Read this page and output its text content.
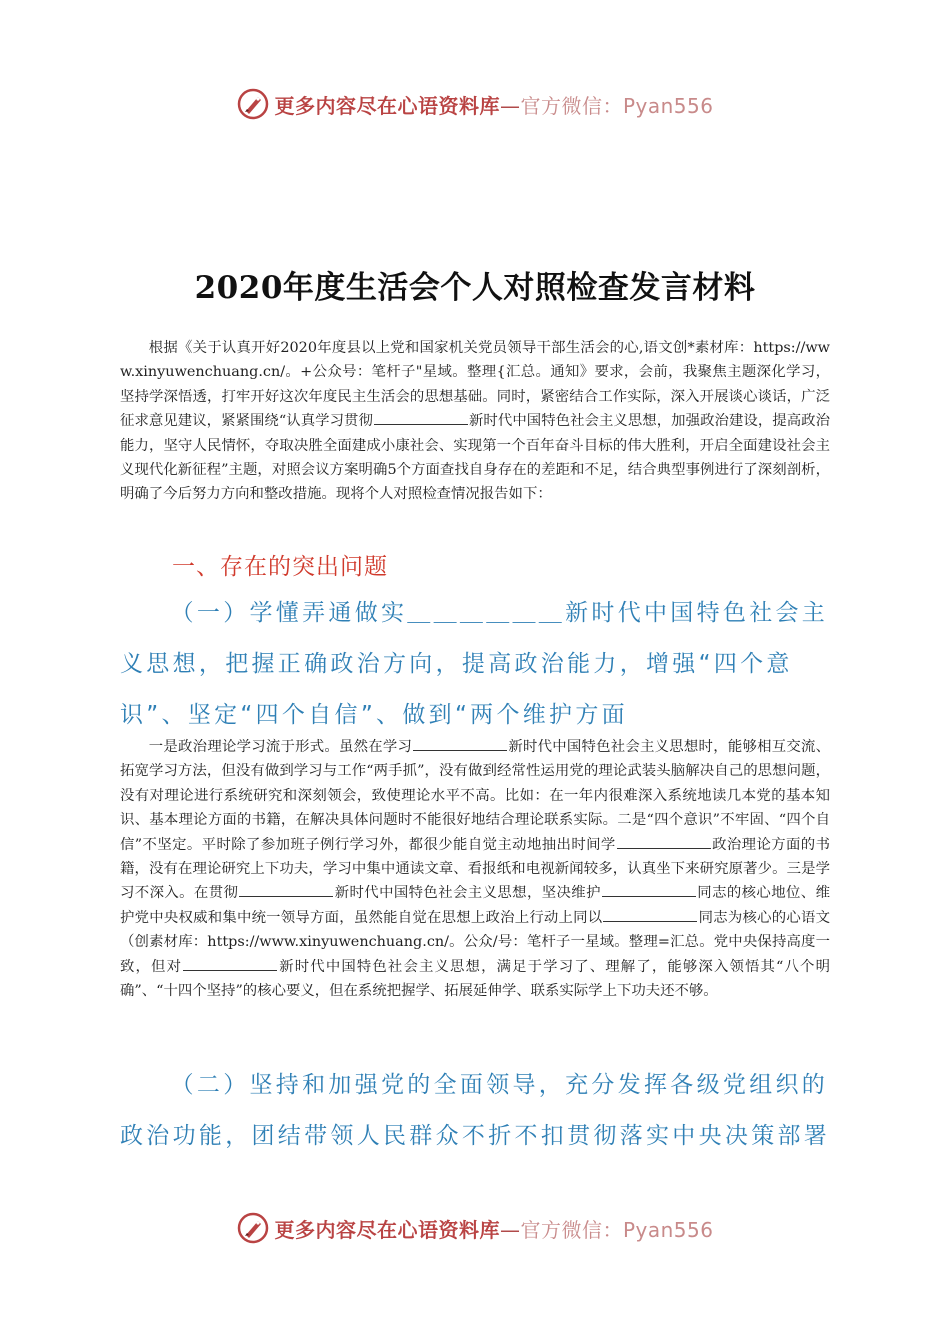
更多内容尽在心语资料库—官方微信：Pyan556
2020年度生活会个人对照检查发言材料
根据《关于认真开好2020年度县以上党和国家机关党员领导干部生活会的心,语文创*素材库：https://www.xinyuwenchuang.cn/。+公众号：笔杆子"星域。整理{汇总。通知》要求，会前，我聚焦主题深化学习，坚持学深悟透，打牢开好这次年度民主生活会的思想基础。同时，紧密结合工作实际，深入开展谈心谈话，广泛征求意见建议，紧紧围绕“认真学习贯彻	新时代中国特色社会主义思想，加强政治建设，提高政治能力，坚守人民情怀，夺取决胜全面建成小康社会、实现第一个百年奋斗目标的伟大胜利，开启全面建设社会主义现代化新征程”主题，对照会议方案明确5个方面查找自身存在的差距和不足，结合典型事例进行了深刻剖析，明确了今后努力方向和整改措施。现将个人对照检查情况报告如下：
一、存在的突出问题
（一）学懂弄通做实＿＿＿＿＿＿新时代中国特色社会主义思想，把握正确政治方向，提高政治能力，增强“四个意识”、坚定“四个自信”、做到“两个维护方面
一是政治理论学习流于形式。虽然在学习	新时代中国特色社会主义思想时，能够相互交流、拓宽学习方法，但没有做到学习与工作“两手抓”，没有做到经常性运用党的理论武装头脑解决自己的思想问题，没有对理论进行系统研究和深刻领会，致使理论水平不高。比如：在一年内很难深入系统地读几本党的基本知识、基本理论方面的书籍，在解决具体问题时不能很好地结合理论联系实际。二是“四个意识”不牢固、“四个自信”不坚定。平时除了参加班子例行学习外，都很少能自觉主动地抽出时间学	政治理论方面的书籍，没有在理论研究上下功夫，学习中集中通读文章、看报纸和电视新闻较多，认真坐下来研究原著少。三是学习不深入。在贯彻	新时代中国特色社会主义思想，坚决维护	同志的核心地位、维护党中央权威和集中统一领导方面，虽然能自觉在思想上政治上行动上同以	同志为核心的心语文（创素材库：https://www.xinyuwenchuang.cn/。公众/号：笔杆子一星域。整理=汇总。党中央保持高度一致，但对	新时代中国特色社会主义思想，满足于学习了、理解了，能够深入领悟其“八个明确”、“十四个坚持”的核心要义，但在系统把握学、拓展延伸学、联系实际学上下功夫还不够。
（二）坚持和加强党的全面领导，充分发挥各级党组织的政治功能，团结带领人民群众不折不扣贯彻落实中央决策部署
更多内容尽在心语资料库—官方微信：Pyan556
